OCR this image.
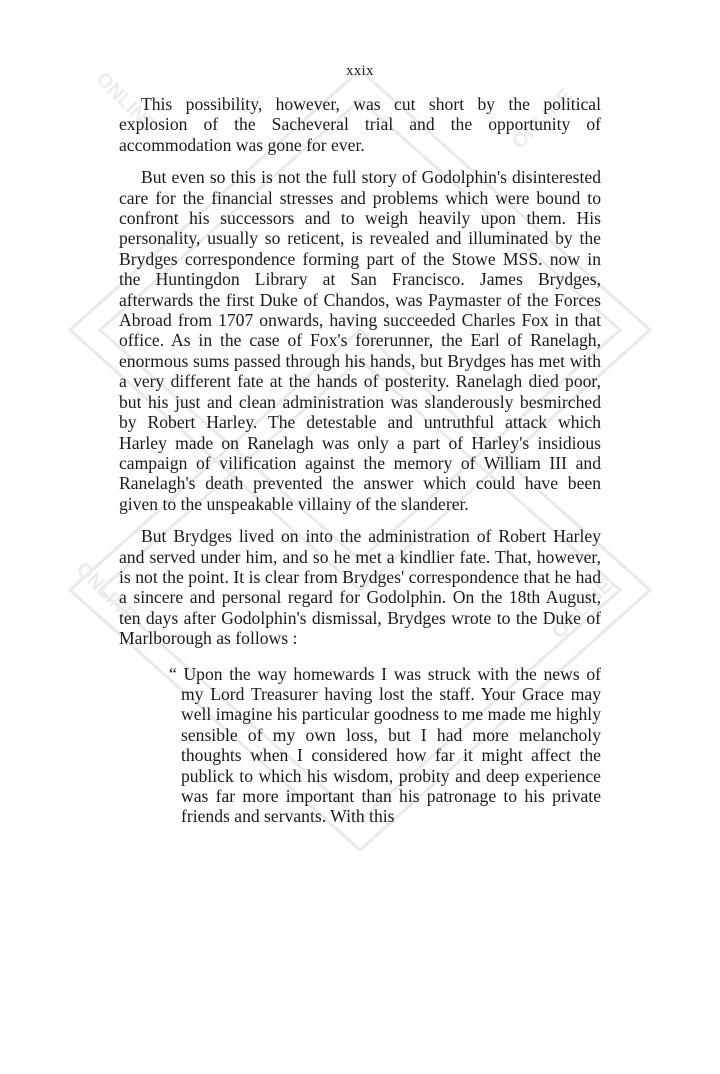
ONLINE
ONLINE
ONLINE
ONLINE
xxix

This possibility, however, was cut short by the political explosion of the Sacheveral trial and the opportunity of accommodation was gone for ever.

But even so this is not the full story of Godolphin's disinterested care for the financial stresses and problems which were bound to confront his successors and to weigh heavily upon them. His personality, usually so reticent, is revealed and illuminated by the Brydges correspondence forming part of the Stowe MSS. now in the Huntingdon Library at San Francisco. James Brydges, afterwards the first Duke of Chandos, was Paymaster of the Forces Abroad from 1707 onwards, having succeeded Charles Fox in that office. As in the case of Fox's forerunner, the Earl of Ranelagh, enormous sums passed through his hands, but Brydges has met with a very different fate at the hands of posterity. Ranelagh died poor, but his just and clean administration was slanderously besmirched by Robert Harley. The detestable and untruthful attack which Harley made on Ranelagh was only a part of Harley's insidious campaign of vilification against the memory of William III and Ranelagh's death prevented the answer which could have been given to the unspeakable villainy of the slanderer.

But Brydges lived on into the administration of Robert Harley and served under him, and so he met a kindlier fate. That, however, is not the point. It is clear from Brydges' correspondence that he had a sincere and personal regard for Godolphin. On the 18th August, ten days after Godolphin's dismissal, Brydges wrote to the Duke of Marlborough as follows :

“ Upon the way homewards I was struck with the news of my Lord Treasurer having lost the staff. Your Grace may well imagine his particular goodness to me made me highly sensible of my own loss, but I had more melancholy thoughts when I considered how far it might affect the publick to which his wisdom, probity and deep experience was far more important than his patronage to his private friends and servants. With this
